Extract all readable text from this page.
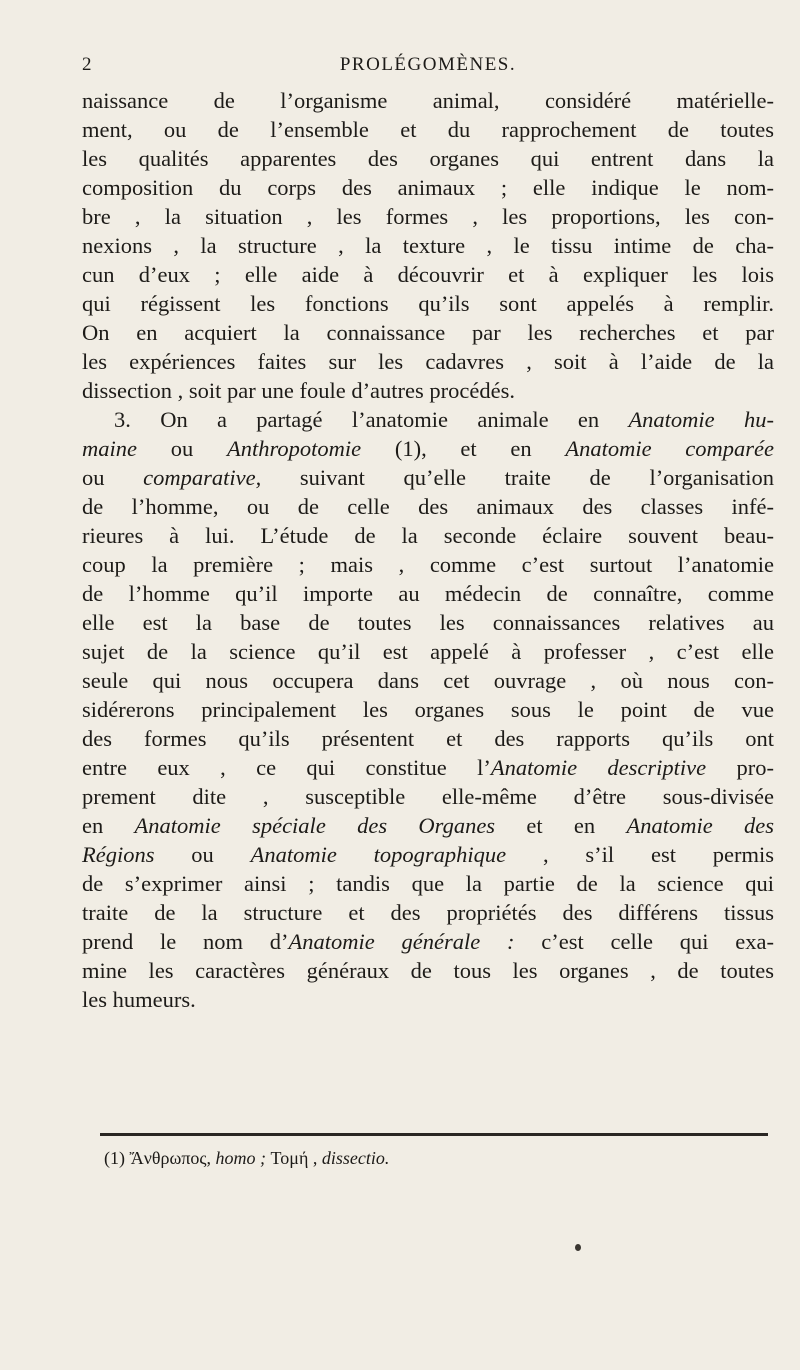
2	PROLÉGOMÈNES.
naissance de l’organisme animal, considéré matérielle-
ment, ou de l’ensemble et du rapprochement de toutes
les qualités apparentes des organes qui entrent dans la
composition du corps des animaux ; elle indique le nom-
bre , la situation , les formes , les proportions, les con-
nexions , la structure , la texture , le tissu intime de cha-
cun d’eux ; elle aide à découvrir et à expliquer les lois
qui régissent les fonctions qu’ils sont appelés à remplir.
On en acquiert la connaissance par les recherches et par
les expériences faites sur les cadavres , soit à l’aide de la
dissection , soit par une foule d’autres procédés.
3. On a partagé l’anatomie animale en Anatomie hu-
maine ou Anthropotomie (1), et en Anatomie comparée
ou comparative, suivant qu’elle traite de l’organisation
de l’homme, ou de celle des animaux des classes infé-
rieures à lui. L’étude de la seconde éclaire souvent beau-
coup la première ; mais , comme c’est surtout l’anatomie
de l’homme qu’il importe au médecin de connaître, comme
elle est la base de toutes les connaissances relatives au
sujet de la science qu’il est appelé à professer , c’est elle
seule qui nous occupera dans cet ouvrage , où nous con-
sidérerons principalement les organes sous le point de vue
des formes qu’ils présentent et des rapports qu’ils ont
entre eux , ce qui constitue l’Anatomie descriptive pro-
prement dite , susceptible elle-même d’être sous-divisée
en Anatomie spéciale des Organes et en Anatomie des
Régions ou Anatomie topographique , s’il est permis
de s’exprimer ainsi ; tandis que la partie de la science qui
traite de la structure et des propriétés des différens tissus
prend le nom d’Anatomie générale : c’est celle qui exa-
mine les caractères généraux de tous les organes , de toutes
les humeurs.
(1) Ἄνθρωπος, homo ; Τομή , dissectio.
